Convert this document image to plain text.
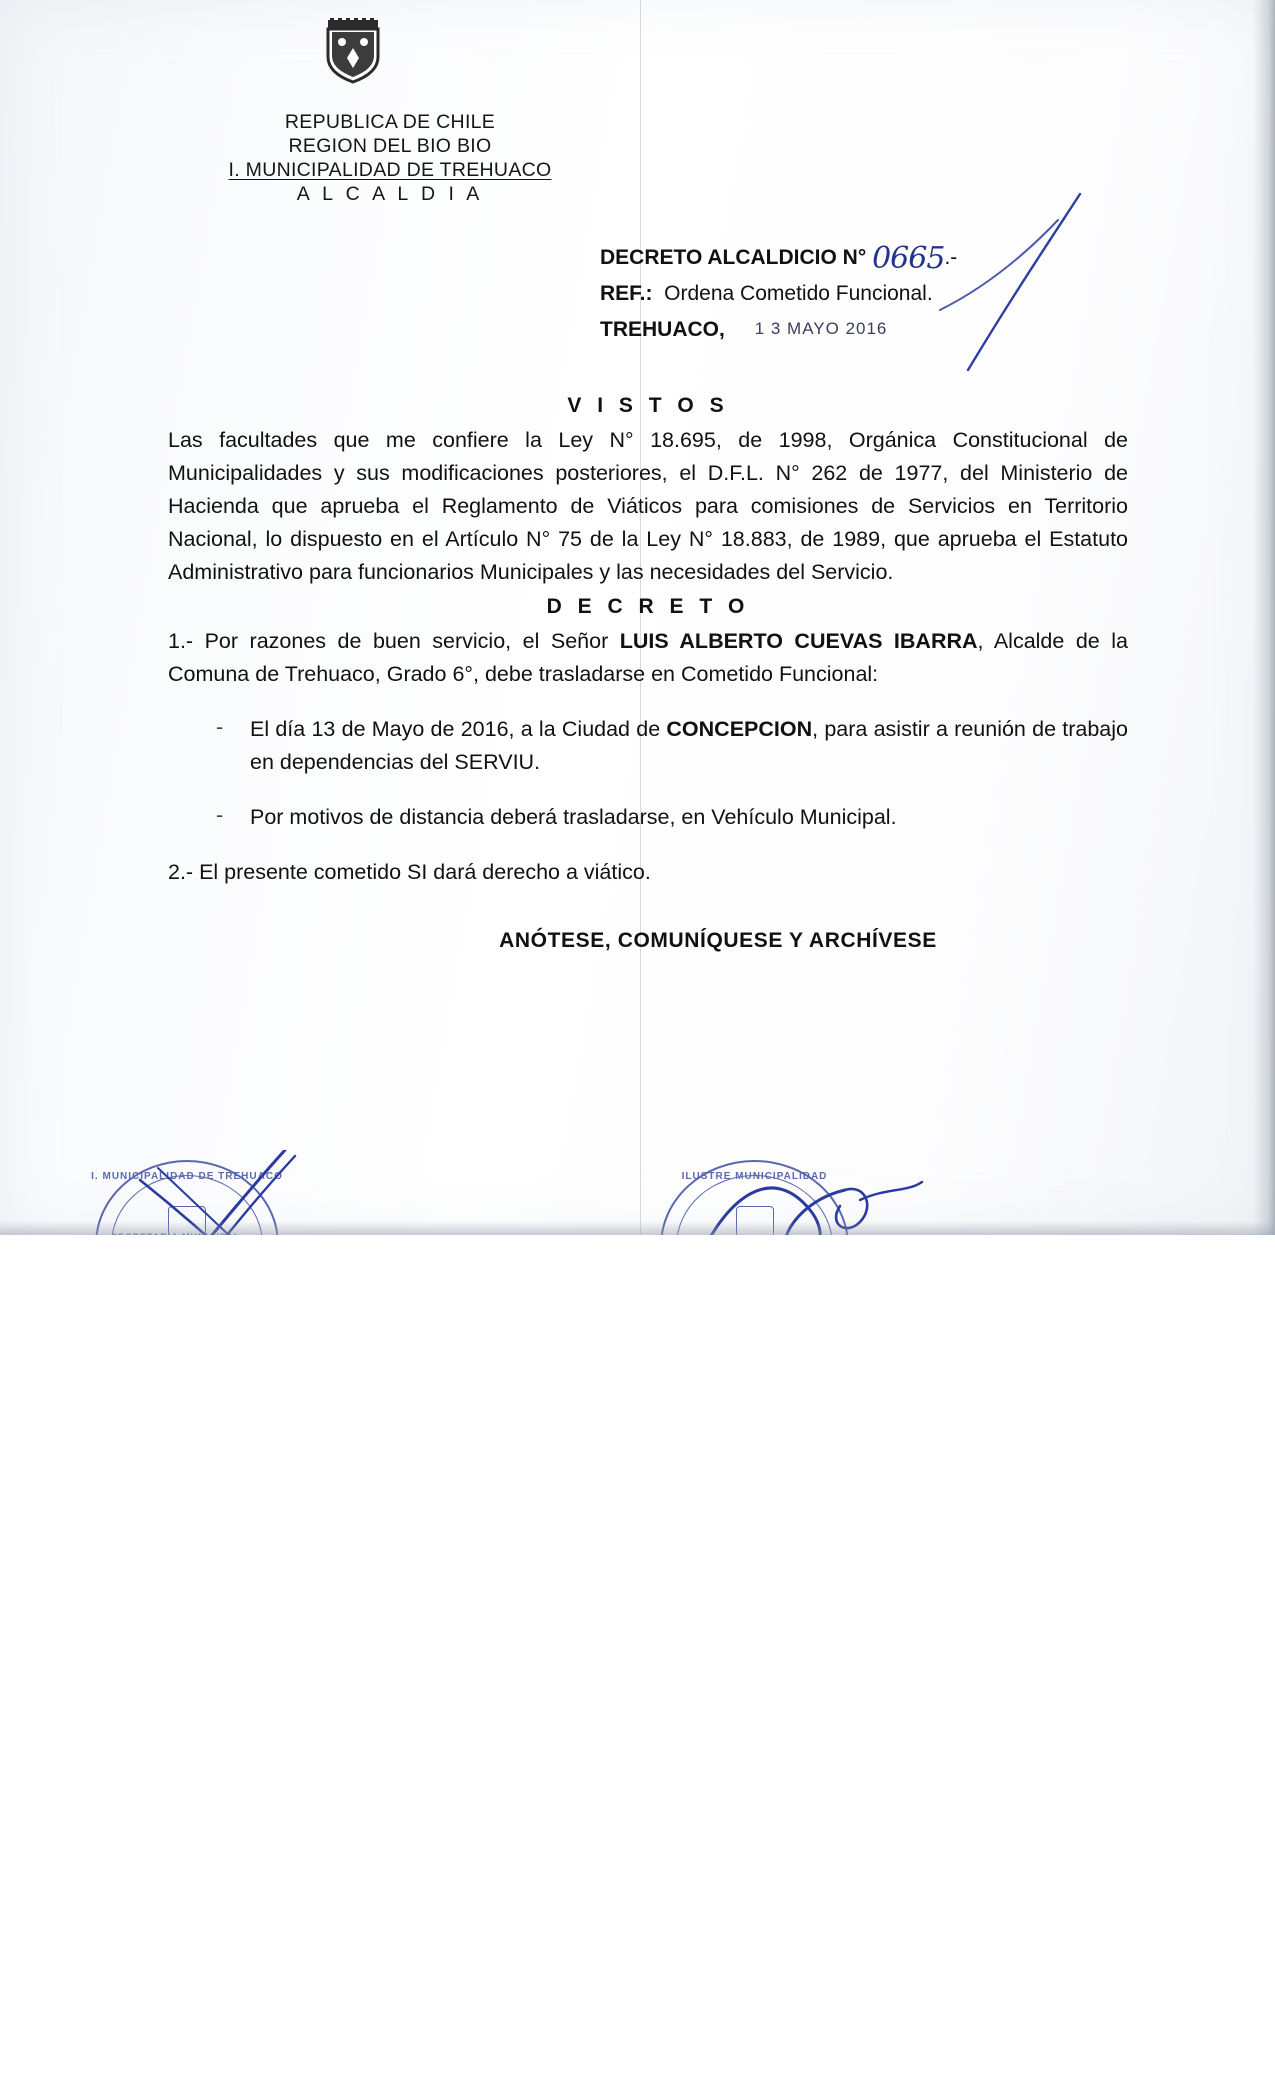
REPUBLICA DE CHILE
REGION DEL BIO BIO
I. MUNICIPALIDAD DE TREHUACO
A L C A L D I A
DECRETO ALCALDICIO N° 0665.-
REF.: Ordena Cometido Funcional.
TREHUACO, 1 3 MAYO 2016
V I S T O S

Las facultades que me confiere la Ley N° 18.695, de 1998, Orgánica Constitucional de Municipalidades y sus modificaciones posteriores, el D.F.L. N° 262 de 1977, del Ministerio de Hacienda que aprueba el Reglamento de Viáticos para comisiones de Servicios en Territorio Nacional, lo dispuesto en el Artículo N° 75 de la Ley N° 18.883, de 1989, que aprueba el Estatuto Administrativo para funcionarios Municipales y las necesidades del Servicio.

D E C R E T O

1.- Por razones de buen servicio, el Señor LUIS ALBERTO CUEVAS IBARRA, Alcalde de la Comuna de Trehuaco, Grado 6°, debe trasladarse en Cometido Funcional:

- El día 13 de Mayo de 2016, a la Ciudad de CONCEPCION, para asistir a reunión de trabajo en dependencias del SERVIU.
- Por motivos de distancia deberá trasladarse, en Vehículo Municipal.
2.- El presente cometido SI dará derecho a viático.
ANÓTESE, COMUNÍQUESE Y ARCHÍVESE
I. MUNICIPALIDAD DE TREHUACO	ILUSTRE MUNICIPALIDAD
